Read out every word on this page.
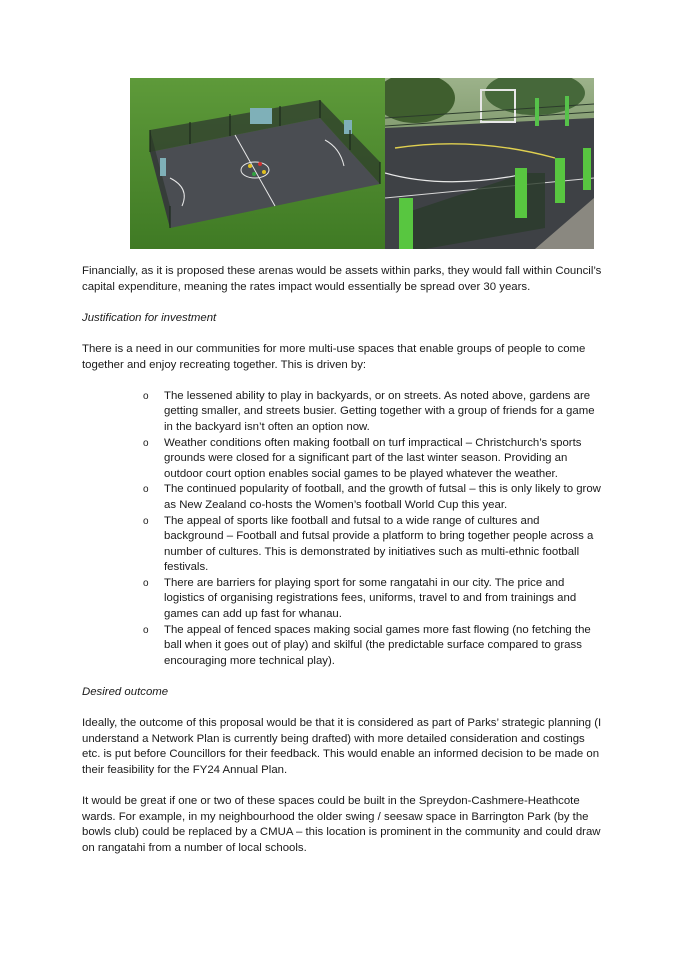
Financially, as it is proposed these arenas would be assets within parks, they would fall within Council’s capital expenditure, meaning the rates impact would essentially be spread over 30 years.

Justification for investment

There is a need in our communities for more multi-use spaces that enable groups of people to come together and enjoy recreating together. This is driven by:

o The lessened ability to play in backyards, or on streets. As noted above, gardens are getting smaller, and streets busier. Getting together with a group of friends for a game in the backyard isn’t often an option now.
o Weather conditions often making football on turf impractical – Christchurch’s sports grounds were closed for a significant part of the last winter season. Providing an outdoor court option enables social games to be played whatever the weather.
o The continued popularity of football, and the growth of futsal – this is only likely to grow as New Zealand co-hosts the Women’s football World Cup this year.
o The appeal of sports like football and futsal to a wide range of cultures and background – Football and futsal provide a platform to bring together people across a number of cultures. This is demonstrated by initiatives such as multi-ethnic football festivals.
o There are barriers for playing sport for some rangatahi in our city. The price and logistics of organising registrations fees, uniforms, travel to and from trainings and games can add up fast for whanau.
o The appeal of fenced spaces making social games more fast flowing (no fetching the ball when it goes out of play) and skilful (the predictable surface compared to grass encouraging more technical play).

Desired outcome

Ideally, the outcome of this proposal would be that it is considered as part of Parks’ strategic planning (I understand a Network Plan is currently being drafted) with more detailed consideration and costings etc. is put before Councillors for their feedback. This would enable an informed decision to be made on their feasibility for the FY24 Annual Plan.

It would be great if one or two of these spaces could be built in the Spreydon-Cashmere-Heathcote wards. For example, in my neighbourhood the older swing / seesaw space in Barrington Park (by the bowls club) could be replaced by a CMUA – this location is prominent in the community and could draw on rangatahi from a number of local schools.
